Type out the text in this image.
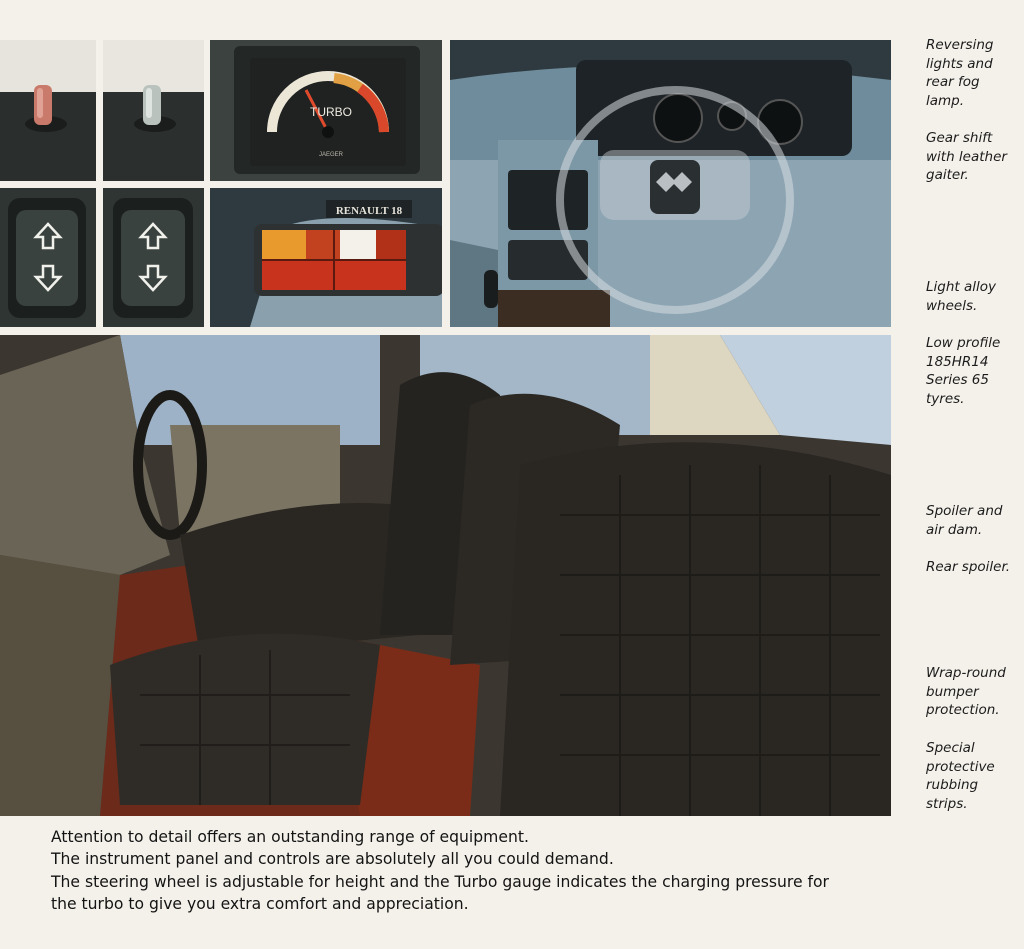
TURBO
JAEGER
RENAULT 18
Reversing
lights and
rear fog
lamp.
Gear shift
with leather
gaiter.
Light alloy
wheels.
Low profile
185HR14
Series 65
tyres.
Spoiler and
air dam.
Rear spoiler.
Wrap-round
bumper
protection.
Special
protective
rubbing
strips.

Attention to detail offers an outstanding range of equipment.

The instrument panel and controls are absolutely all you could demand.

The steering wheel is adjustable for height and the Turbo gauge indicates the charging pressure for

the turbo to give you extra comfort and appreciation.
